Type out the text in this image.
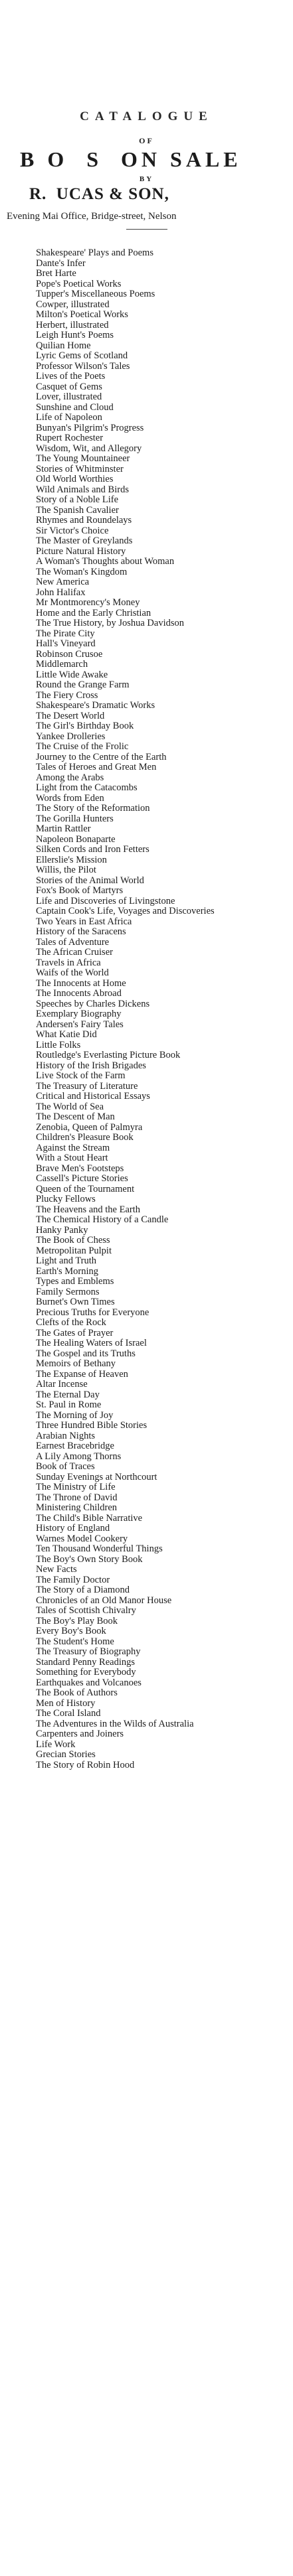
CATALOGUE
OF
B O  S  ON SALE
BY
R.  UCAS & SON,
Evening Mai Office, Bridge-street, Nelson
Shakespeare' Plays and Poems
Dante's Infer
Bret Harte
Pope's Poetical Works
Tupper's Miscellaneous Poems
Cowper, illustrated
Milton's Poetical Works
Herbert, illustrated
Leigh Hunt's Poems
Quilian Home
Lyric Gems of Scotland
Professor Wilson's Tales
Lives of the Poets
Casquet of Gems
Lover, illustrated
Sunshine and Cloud
Life of Napoleon
Bunyan's Pilgrim's Progress
Rupert Rochester
Wisdom, Wit, and Allegory
The Young Mountaineer
Stories of Whitminster
Old World Worthies
Wild Animals and Birds
Story of a Noble Life
The Spanish Cavalier
Rhymes and Roundelays
Sir Victor's Choice
The Master of Greylands
Picture Natural History
A Woman's Thoughts about Woman
The Woman's Kingdom
New America
John Halifax
Mr Montmorency's Money
Home and the Early Christian
The True History, by Joshua Davidson
The Pirate City
Hall's Vineyard
Robinson Crusoe
Middlemarch
Little Wide Awake
Round the Grange Farm
The Fiery Cross
Shakespeare's Dramatic Works
The Desert World
The Girl's Birthday Book
Yankee Drolleries
The Cruise of the Frolic
Journey to the Centre of the Earth
Tales of Heroes and Great Men
Among the Arabs
Light from the Catacombs
Words from Eden
The Story of the Reformation
The Gorilla Hunters
Martin Rattler
Napoleon Bonaparte
Silken Cords and Iron Fetters
Ellerslie's Mission
Willis, the Pilot
Stories of the Animal World
Fox's Book of Martyrs
Life and Discoveries of Livingstone
Captain Cook's Life, Voyages and Discoveries
Two Years in East Africa
History of the Saracens
Tales of Adventure
The African Cruiser
Travels in Africa
Waifs of the World
The Innocents at Home
The Innocents Abroad
Speeches by Charles Dickens
Exemplary Biography
Andersen's Fairy Tales
What Katie Did
Little Folks
Routledge's Everlasting Picture Book
History of the Irish Brigades
Live Stock of the Farm
The Treasury of Literature
Critical and Historical Essays
The World of Sea
The Descent of Man
Zenobia, Queen of Palmyra
Children's Pleasure Book
Against the Stream
With a Stout Heart
Brave Men's Footsteps
Cassell's Picture Stories
Queen of the Tournament
Plucky Fellows
The Heavens and the Earth
The Chemical History of a Candle
Hanky Panky
The Book of Chess
Metropolitan Pulpit
Light and Truth
Earth's Morning
Types and Emblems
Family Sermons
Burnet's Own Times
Precious Truths for Everyone
Clefts of the Rock
The Gates of Prayer
The Healing Waters of Israel
The Gospel and its Truths
Memoirs of Bethany
The Expanse of Heaven
Altar Incense
The Eternal Day
St. Paul in Rome
The Morning of Joy
Three Hundred Bible Stories
Arabian Nights
Earnest Bracebridge
A Lily Among Thorns
Book of Traces
Sunday Evenings at Northcourt
The Ministry of Life
The Throne of David
Ministering Children
The Child's Bible Narrative
History of England
Warnes Model Cookery
Ten Thousand Wonderful Things
The Boy's Own Story Book
New Facts
The Family Doctor
The Story of a Diamond
Chronicles of an Old Manor House
Tales of Scottish Chivalry
The Boy's Play Book
Every Boy's Book
The Student's Home
The Treasury of Biography
Standard Penny Readings
Something for Everybody
Earthquakes and Volcanoes
The Book of Authors
Men of History
The Coral Island
The Adventures in the Wilds of Australia
Carpenters and Joiners
Life Work
Grecian Stories
The Story of Robin Hood
